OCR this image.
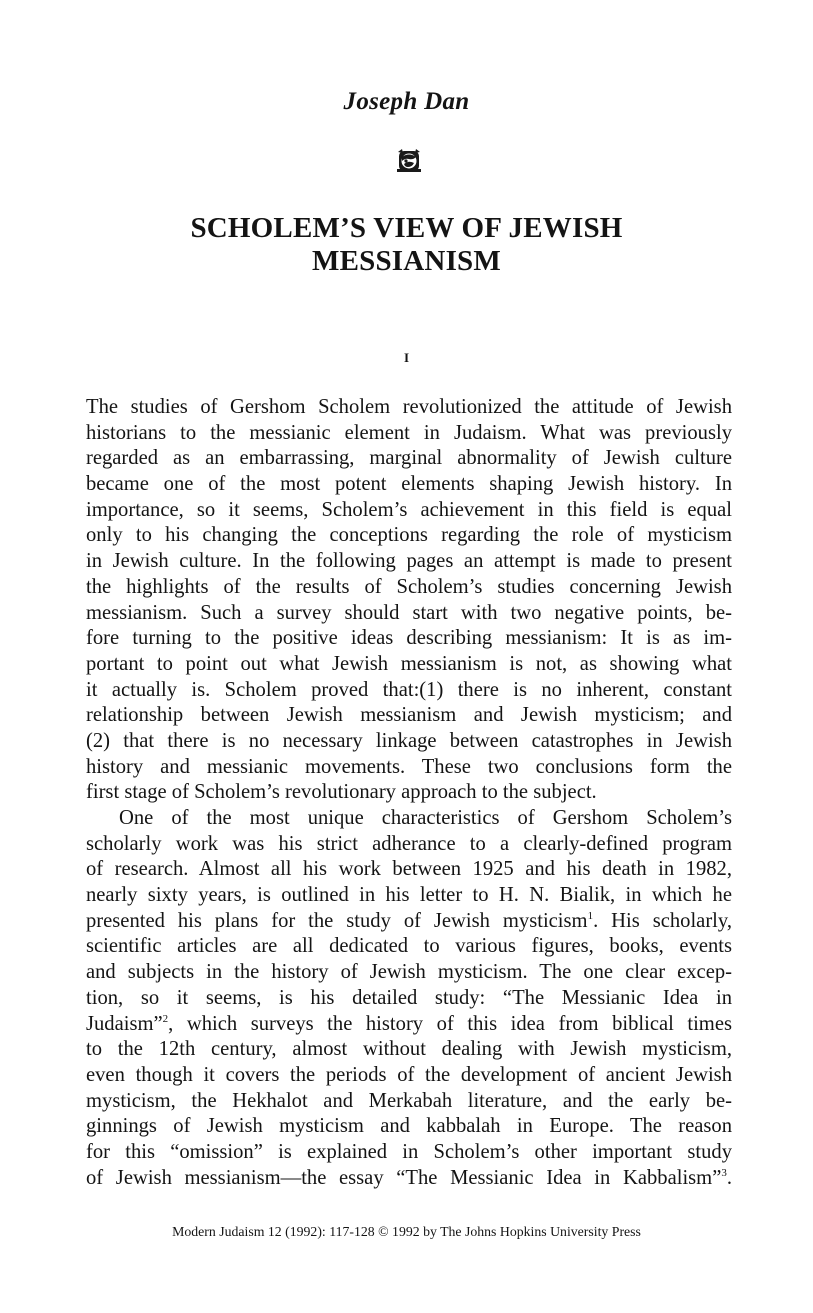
Joseph Dan
SCHOLEM’S VIEW OF JEWISH
MESSIANISM
I
The studies of Gershom Scholem revolutionized the attitude of Jewish
historians to the messianic element in Judaism. What was previously
regarded as an embarrassing, marginal abnormality of Jewish culture
became one of the most potent elements shaping Jewish history. In
importance, so it seems, Scholem’s achievement in this field is equal
only to his changing the conceptions regarding the role of mysticism
in Jewish culture. In the following pages an attempt is made to present
the highlights of the results of Scholem’s studies concerning Jewish
messianism. Such a survey should start with two negative points, be-
fore turning to the positive ideas describing messianism: It is as im-
portant to point out what Jewish messianism is not, as showing what
it actually is. Scholem proved that:(1) there is no inherent, constant
relationship between Jewish messianism and Jewish mysticism; and
(2) that there is no necessary linkage between catastrophes in Jewish
history and messianic movements. These two conclusions form the
first stage of Scholem’s revolutionary approach to the subject.
One of the most unique characteristics of Gershom Scholem’s
scholarly work was his strict adherance to a clearly-defined program
of research. Almost all his work between 1925 and his death in 1982,
nearly sixty years, is outlined in his letter to H. N. Bialik, in which he
presented his plans for the study of Jewish mysticism$^1$. His scholarly,
scientific articles are all dedicated to various figures, books, events
and subjects in the history of Jewish mysticism. The one clear excep-
tion, so it seems, is his detailed study: “The Messianic Idea in
Judaism”$^2$, which surveys the history of this idea from biblical times
to the 12th century, almost without dealing with Jewish mysticism,
even though it covers the periods of the development of ancient Jewish
mysticism, the Hekhalot and Merkabah literature, and the early be-
ginnings of Jewish mysticism and kabbalah in Europe. The reason
for this “omission” is explained in Scholem’s other important study
of Jewish messianism—the essay “The Messianic Idea in Kabbalism”$^3$.
Modern Judaism 12 (1992): 117-128 © 1992 by The Johns Hopkins University Press
